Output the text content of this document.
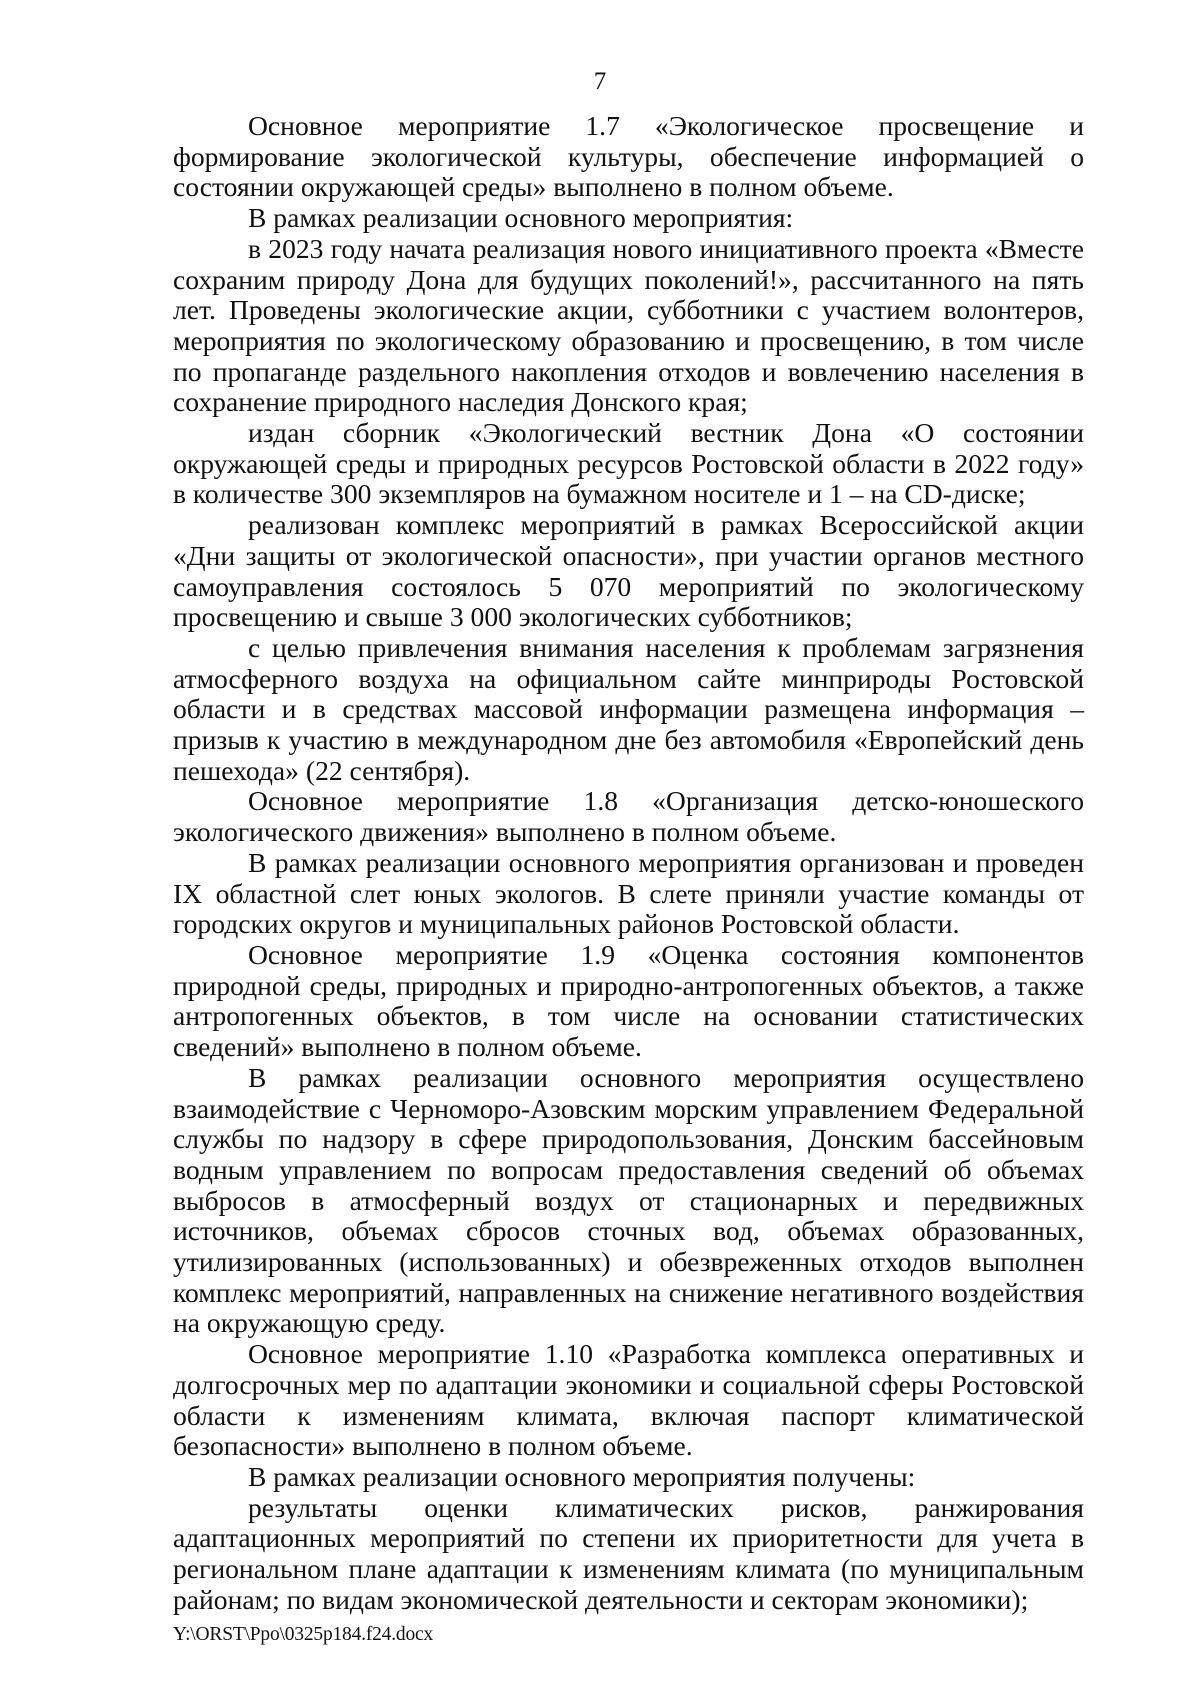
7

Основное мероприятие 1.7 «Экологическое просвещение и формирование экологической культуры, обеспечение информацией о состоянии окружающей среды» выполнено в полном объеме.

В рамках реализации основного мероприятия:

в 2023 году начата реализация нового инициативного проекта «Вместе сохраним природу Дона для будущих поколений!», рассчитанного на пять лет. Проведены экологические акции, субботники с участием волонтеров, мероприятия по экологическому образованию и просвещению, в том числе по пропаганде раздельного накопления отходов и вовлечению населения в сохранение природного наследия Донского края;

издан сборник «Экологический вестник Дона «О состоянии окружающей среды и природных ресурсов Ростовской области в 2022 году» в количестве 300 экземпляров на бумажном носителе и 1 – на CD-диске;

реализован комплекс мероприятий в рамках Всероссийской акции «Дни защиты от экологической опасности», при участии органов местного самоуправления состоялось 5 070 мероприятий по экологическому просвещению и свыше 3 000 экологических субботников;

с целью привлечения внимания населения к проблемам загрязнения атмосферного воздуха на официальном сайте минприроды Ростовской области и в средствах массовой информации размещена информация – призыв к участию в международном дне без автомобиля «Европейский день пешехода» (22 сентября).

Основное мероприятие 1.8 «Организация детско-юношеского экологического движения» выполнено в полном объеме.

В рамках реализации основного мероприятия организован и проведен IX областной слет юных экологов. В слете приняли участие команды от городских округов и муниципальных районов Ростовской области.

Основное мероприятие 1.9 «Оценка состояния компонентов природной среды, природных и природно-антропогенных объектов, а также антропогенных объектов, в том числе на основании статистических сведений» выполнено в полном объеме.

В рамках реализации основного мероприятия осуществлено взаимодействие с Черноморо-Азовским морским управлением Федеральной службы по надзору в сфере природопользования, Донским бассейновым водным управлением по вопросам предоставления сведений об объемах выбросов в атмосферный воздух от стационарных и передвижных источников, объемах сбросов сточных вод, объемах образованных, утилизированных (использованных) и обезвреженных отходов выполнен комплекс мероприятий, направленных на снижение негативного воздействия на окружающую среду.

Основное мероприятие 1.10 «Разработка комплекса оперативных и долгосрочных мер по адаптации экономики и социальной сферы Ростовской области к изменениям климата, включая паспорт климатической безопасности» выполнено в полном объеме.

В рамках реализации основного мероприятия получены:

результаты оценки климатических рисков, ранжирования адаптационных мероприятий по степени их приоритетности для учета в региональном плане адаптации к изменениям климата (по муниципальным районам; по видам экономической деятельности и секторам экономики);

Y:\ORST\Ppo\0325p184.f24.docx
